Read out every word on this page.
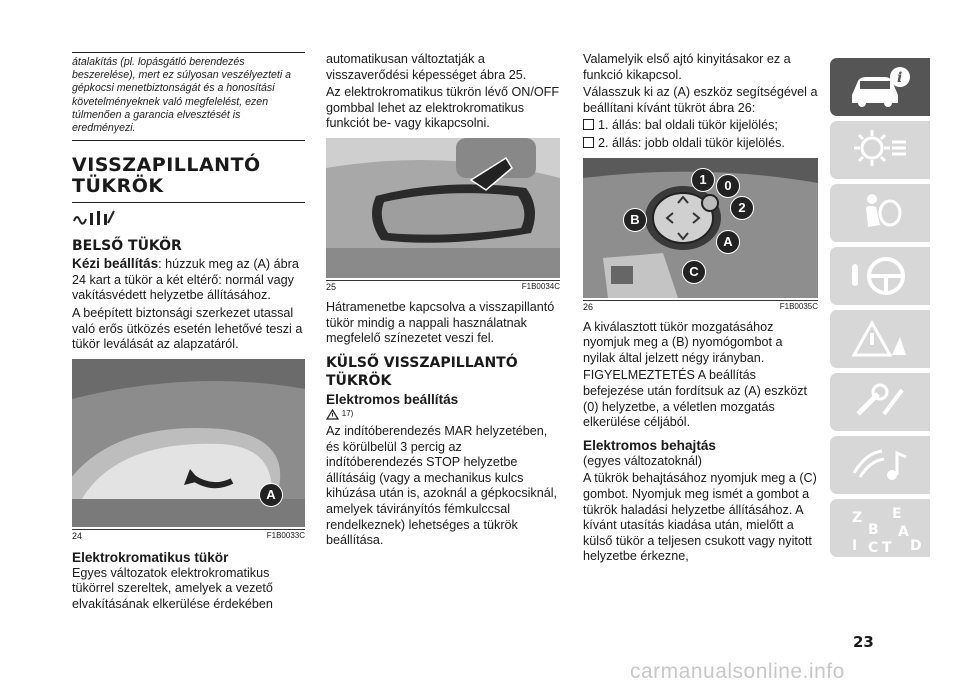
átalakítás (pl. lopásgátló berendezés beszerelése), mert ez súlyosan veszélyezteti a gépkocsi menetbiztonságát és a honosítási követelményeknek való megfelelést, ezen túlmenően a garancia elvesztését is eredményezi.
VISSZAPILLANTÓ
TÜKRÖK
BELSŐ TÜKÖR

Kézi beállítás: húzzuk meg az (A) ábra 24 kart a tükör a két eltérő: normál vagy vakításvédett helyzetbe állításához.

A beépített biztonsági szerkezet utassal való erős ütközés esetén lehetővé teszi a tükör leválását az alapzatáról.

A
24	F1B0033C
Elektrokromatikus tükör

Egyes változatok elektrokromatikus tükörrel szereltek, amelyek a vezető elvakításának elkerülése érdekében

automatikusan változtatják a visszaverődési képességet ábra 25.

Az elektrokromatikus tükrön lévő ON/OFF gombbal lehet az elektrokromatikus funkciót be- vagy kikapcsolni.

25	F1B0034C

Hátramenetbe kapcsolva a visszapillantó tükör mindig a nappali használatnak megfelelő színezetet veszi fel.

KÜLSŐ VISSZAPILLANTÓ
TÜKRÖK
Elektromos beállítás
$^{17)}$

Az indítóberendezés MAR helyzetében, és körülbelül 3 percig az indítóberendezés STOP helyzetbe állításáig (vagy a mechanikus kulcs kihúzása után is, azoknál a gépkocsiknál, amelyek távirányítós fémkulccsal rendelkeznek) lehetséges a tükrök beállítása.

Valamelyik első ajtó kinyitásakor ez a funkció kikapcsol.

Válasszuk ki az (A) eszköz segítségével a beállítani kívánt tükröt ábra 26:

1. állás: bal oldali tükör kijelölés;

2. állás: jobb oldali tükör kijelölés.

1	0
2
B
A
C
26	F1B0035C

A kiválasztott tükör mozgatásához nyomjuk meg a (B) nyomógombot a nyilak által jelzett négy irányban.

FIGYELMEZTETÉS A beállítás befejezése után fordítsuk az (A) eszközt (0) helyzetbe, a véletlen mozgatás elkerülése céljából.

Elektromos behajtás

(egyes változatoknál)

A tükrök behajtásához nyomjuk meg a (C) gombot. Nyomjuk meg ismét a gombot a tükrök haladási helyzetbe állításához. A kívánt utasítás kiadása után, mielőtt a külső tükör a teljesen csukott vagy nyitott helyzetbe érkezne,

i
Z E
B A
I C T D
23
carmanualsonline.info
